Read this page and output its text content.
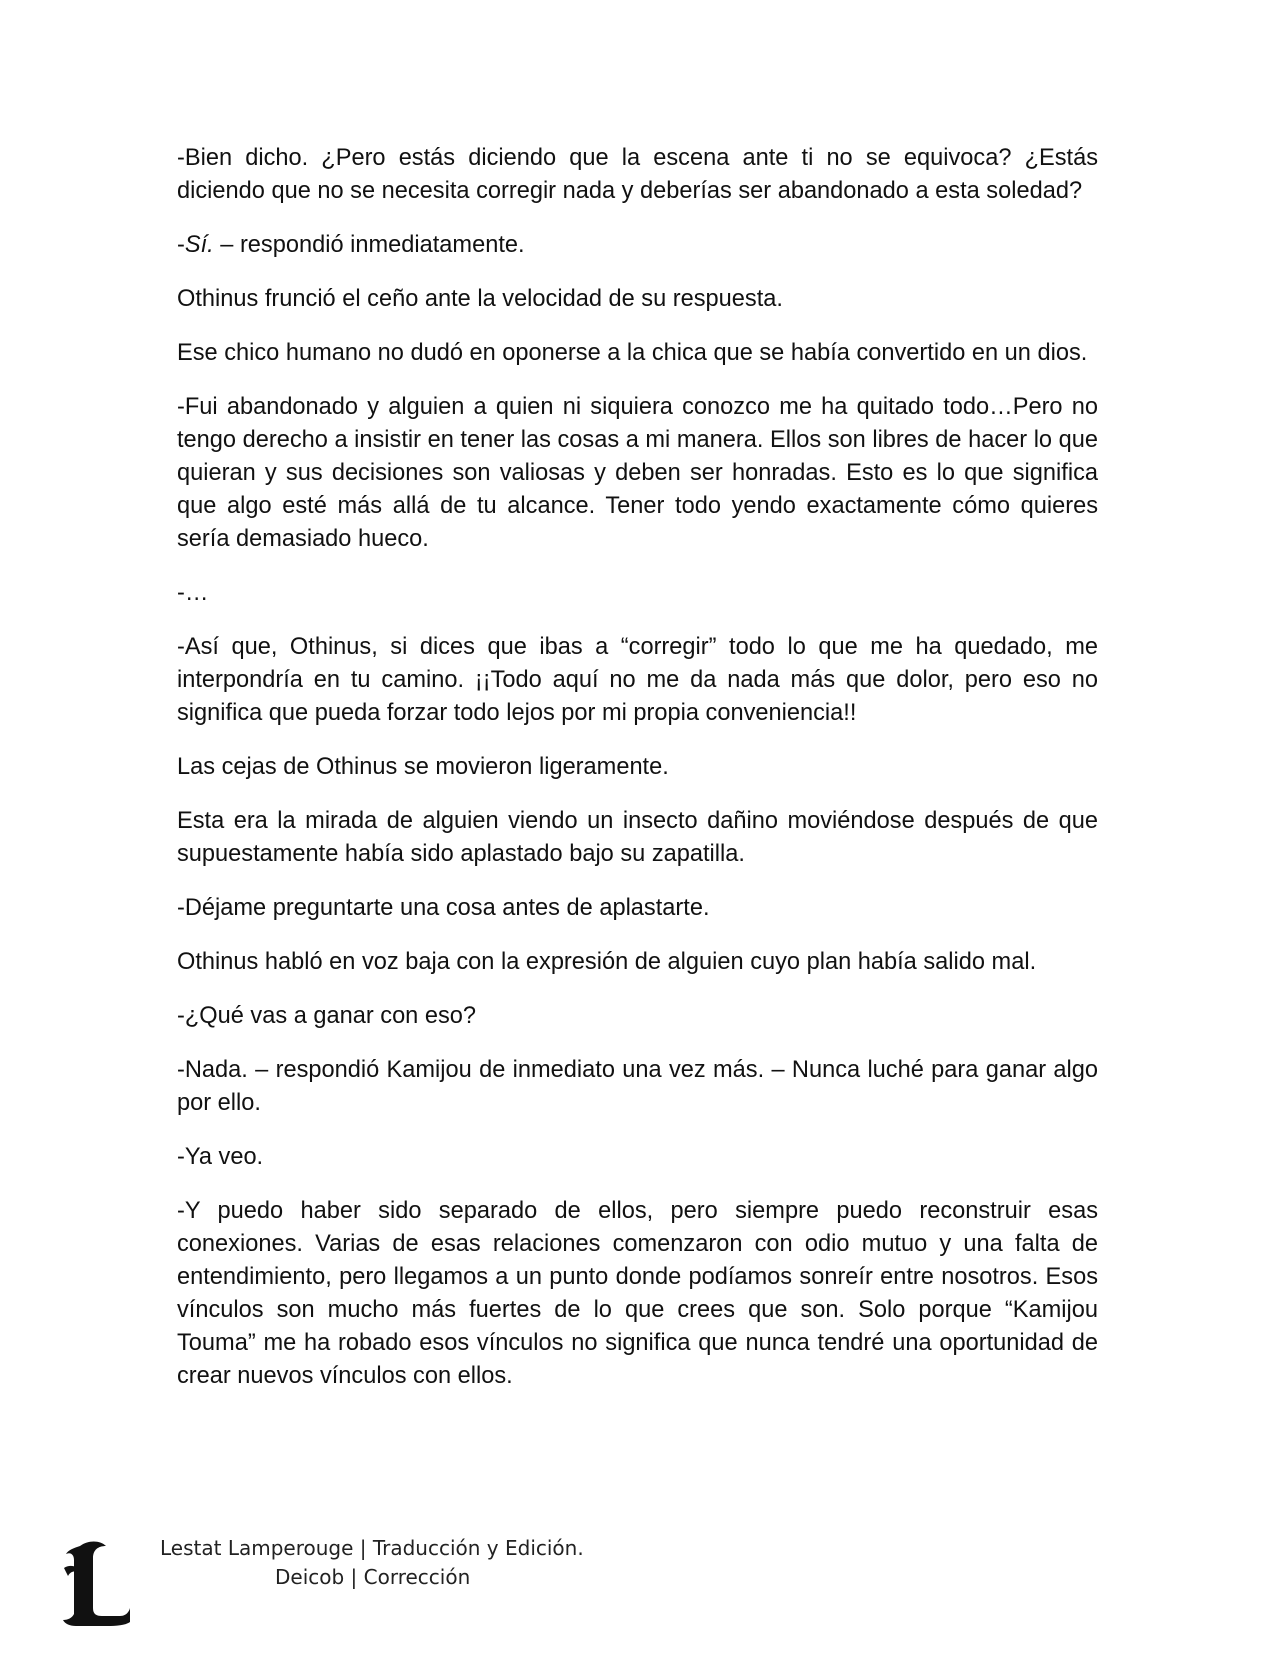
-Bien dicho. ¿Pero estás diciendo que la escena ante ti no se equivoca? ¿Estás diciendo que no se necesita corregir nada y deberías ser abandonado a esta soledad?

-Sí. – respondió inmediatamente.

Othinus frunció el ceño ante la velocidad de su respuesta.

Ese chico humano no dudó en oponerse a la chica que se había convertido en un dios.

-Fui abandonado y alguien a quien ni siquiera conozco me ha quitado todo…Pero no tengo derecho a insistir en tener las cosas a mi manera. Ellos son libres de hacer lo que quieran y sus decisiones son valiosas y deben ser honradas. Esto es lo que significa que algo esté más allá de tu alcance. Tener todo yendo exactamente cómo quieres sería demasiado hueco.

-…

-Así que, Othinus, si dices que ibas a “corregir” todo lo que me ha quedado, me interpondría en tu camino. ¡¡Todo aquí no me da nada más que dolor, pero eso no significa que pueda forzar todo lejos por mi propia conveniencia!!

Las cejas de Othinus se movieron ligeramente.

Esta era la mirada de alguien viendo un insecto dañino moviéndose después de que supuestamente había sido aplastado bajo su zapatilla.

-Déjame preguntarte una cosa antes de aplastarte.

Othinus habló en voz baja con la expresión de alguien cuyo plan había salido mal.

-¿Qué vas a ganar con eso?

-Nada. – respondió Kamijou de inmediato una vez más. – Nunca luché para ganar algo por ello.

-Ya veo.

-Y puedo haber sido separado de ellos, pero siempre puedo reconstruir esas conexiones. Varias de esas relaciones comenzaron con odio mutuo y una falta de entendimiento, pero llegamos a un punto donde podíamos sonreír entre nosotros. Esos vínculos son mucho más fuertes de lo que crees que son. Solo porque “Kamijou Touma” me ha robado esos vínculos no significa que nunca tendré una oportunidad de crear nuevos vínculos con ellos.

Lestat Lamperouge | Traducción y Edición.
Deicob | Corrección
